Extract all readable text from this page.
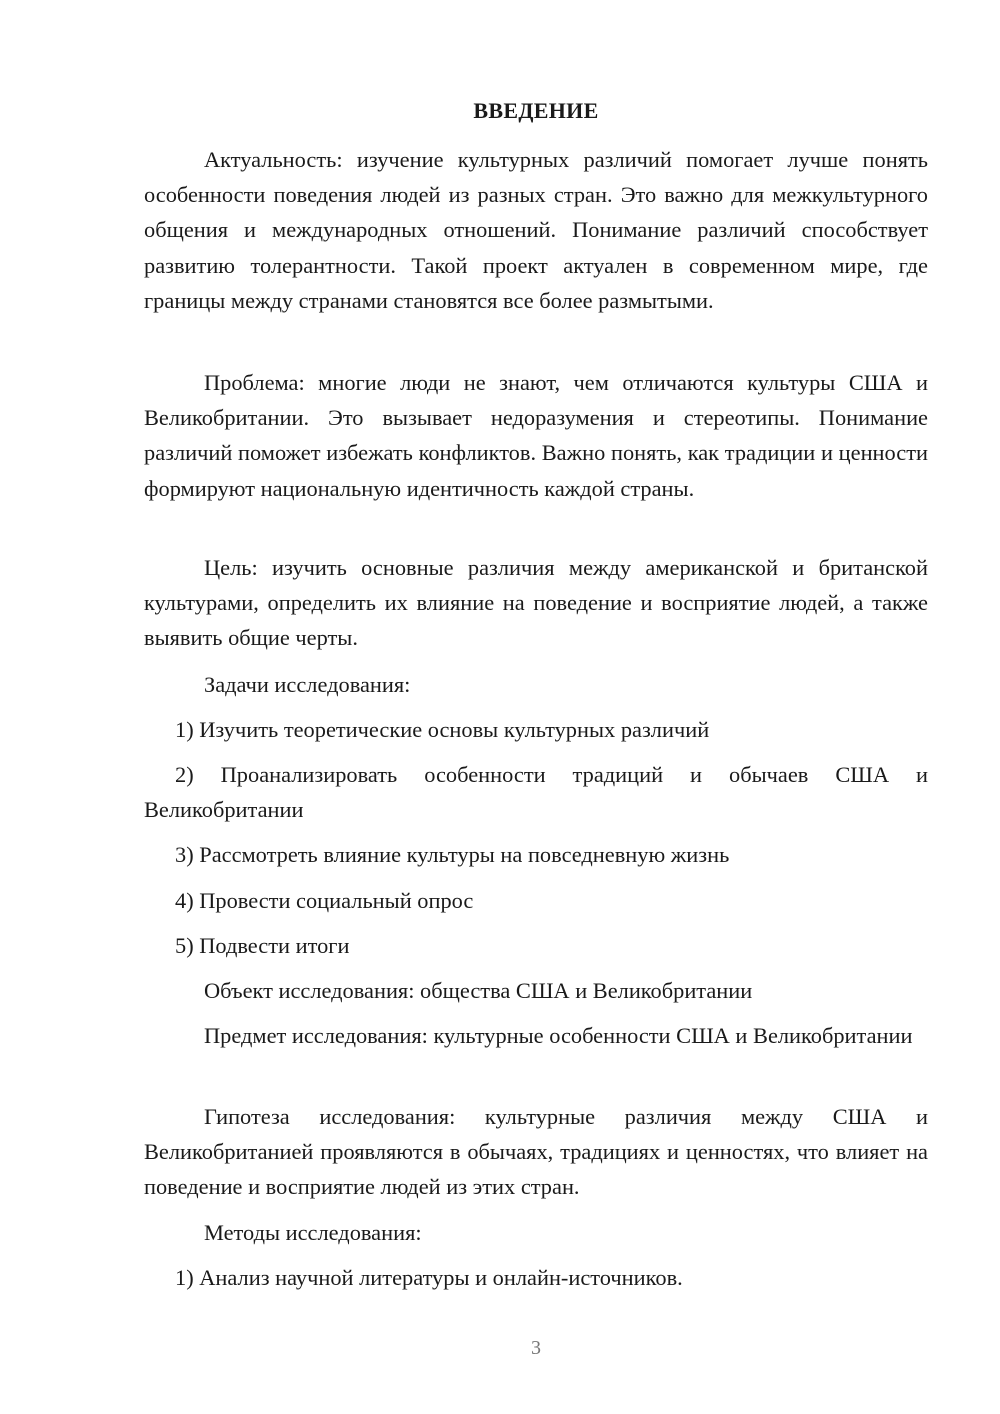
ВВЕДЕНИЕ

Актуальность: изучение культурных различий помогает лучше понять особенности поведения людей из разных стран. Это важно для межкультурного общения и международных отношений. Понимание различий способствует развитию толерантности. Такой проект актуален в современном мире, где границы между странами становятся все более размытыми.

Проблема: многие люди не знают, чем отличаются культуры США и Великобритании. Это вызывает недоразумения и стереотипы. Понимание различий поможет избежать конфликтов. Важно понять, как традиции и ценности формируют национальную идентичность каждой страны.

Цель: изучить основные различия между американской и британской культурами, определить их влияние на поведение и восприятие людей, а также выявить общие черты.

Задачи исследования:

1) Изучить теоретические основы культурных различий

2) Проанализировать особенности традиций и обычаев США и Великобритании

3) Рассмотреть влияние культуры на повседневную жизнь

4) Провести социальный опрос

5) Подвести итоги

Объект исследования: общества США и Великобритании

Предмет исследования: культурные особенности США и Великобритании

Гипотеза исследования: культурные различия между США и Великобританией проявляются в обычаях, традициях и ценностях, что влияет на поведение и восприятие людей из этих стран.

Методы исследования:

1) Анализ научной литературы и онлайн-источников.

3
